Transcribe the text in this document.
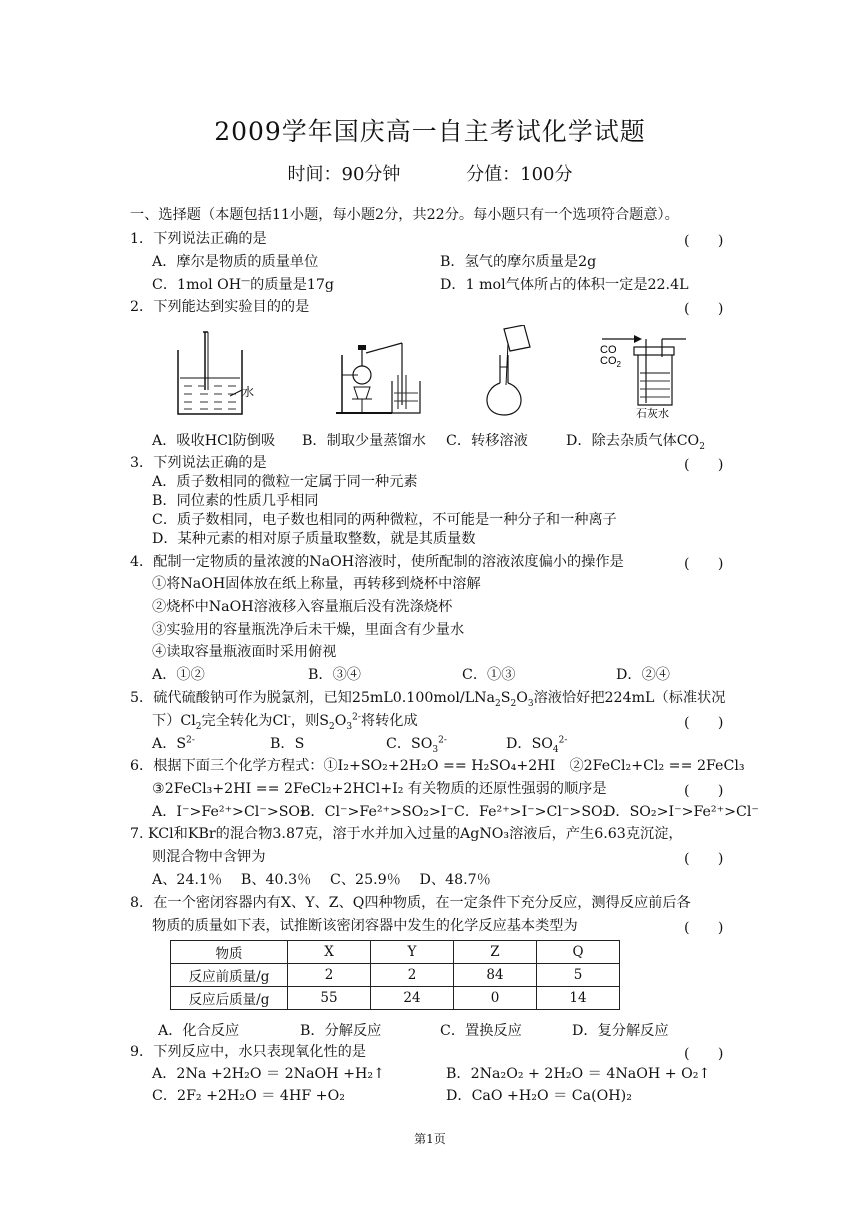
2009学年国庆高一自主考试化学试题
时间：90分钟	分值：100分
一、选择题（本题包括11小题，每小题2分，共22分。每小题只有一个选项符合题意）。
1．下列说法正确的是	(　　)
A．摩尔是物质的质量单位	B．氢气的摩尔质量是2g
C．1mol OH—的质量是17g	D．1 mol气体所占的体积一定是22.4L
2．下列能达到实验目的的是	(　　)
水
CO
$CO_2$
石灰水
A．吸收HCl防倒吸 B．制取少量蒸馏水 C．转移溶液	D．除去杂质气体$CO_2$
3．下列说法正确的是	(　　)
A．质子数相同的微粒一定属于同一种元素
B．同位素的性质几乎相同
C．质子数相同，电子数也相同的两种微粒，不可能是一种分子和一种离子
D．某种元素的相对原子质量取整数，就是其质量数
4．配制一定物质的量浓渡的NaOH溶液时，使所配制的溶液浓度偏小的操作是	(　　)
①将NaOH固体放在纸上称量，再转移到烧杯中溶解
②烧杯中NaOH溶液移入容量瓶后没有洗涤烧杯
③实验用的容量瓶洗净后未干燥，里面含有少量水
④读取容量瓶液面时采用俯视
A．①②	B．③④	C．①③	D．②④
5．硫代硫酸钠可作为脱氯剂，已知$25mL0.100mol/LNa_2S_2O_3$溶液恰好把224mL（标准状况
下）$Cl_2$完全转化为Cl-，则$S_2O_3^{2-}$将转化成	(　　)
A．$S^{2-}$	B．S	C．$SO_3^{2-}$	D．$SO_4^{2-}$
6．根据下面三个化学方程式：①I₂+SO₂+2H₂O == H₂SO₄+2HI　②2FeCl₂+Cl₂ == 2FeCl₃
③2FeCl₃+2HI == 2FeCl₂+2HCl+I₂ 有关物质的还原性强弱的顺序是	(　　)
A．I⁻>Fe²⁺>Cl⁻>SO₂
B．Cl⁻>Fe²⁺>SO₂>I⁻ C．Fe²⁺>I⁻>Cl⁻>SO₂
D．SO₂>I⁻>Fe²⁺>Cl⁻
7. KCl和KBr的混合物3.87克，溶于水并加入过量的AgNO₃溶液后，产生6.63克沉淀，
则混合物中含钾为	(　　)
A、24.1％　 B、40.3％　 C、25.9％　 D、48.7％
8．在一个密闭容器内有X、Y、Z、Q四种物质，在一定条件下充分反应，测得反应前后各
物质的质量如下表，试推断该密闭容器中发生的化学反应基本类型为	(　　)
物质	X	Y	Z	Q
反应前质量/g	2	2	84	5
反应后质量/g	55	24	0	14
A．化合反应	B．分解反应	C．置换反应	D．复分解反应
9．下列反应中，水只表现氧化性的是	(　　)
A．2Na +2H₂O ＝ 2NaOH +H₂↑	B．2Na₂O₂ + 2H₂O ＝ 4NaOH + O₂↑
C．2F₂ +2H₂O ＝ 4HF +O₂	D．CaO +H₂O ＝ Ca(OH)₂
第1页
